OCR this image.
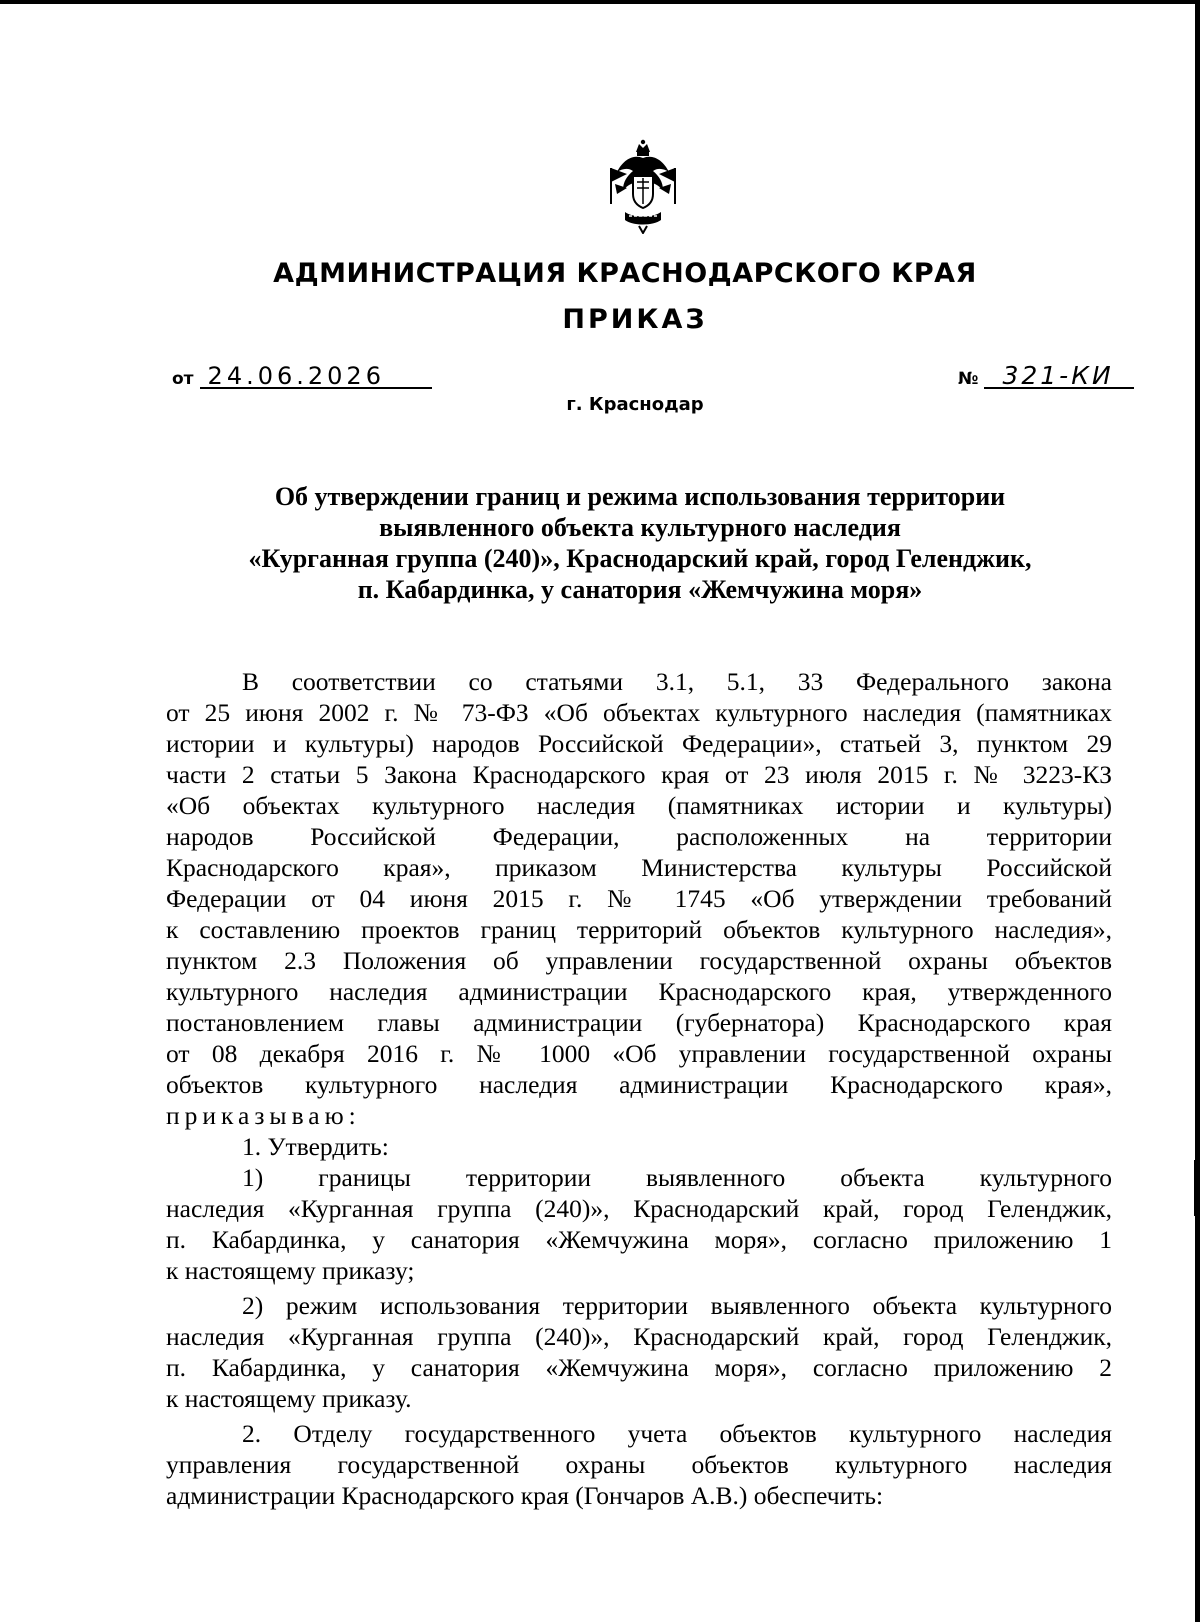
АДМИНИСТРАЦИЯ КРАСНОДАРСКОГО КРАЯ
ПРИКАЗ
от 24.06.2026	№ 321-КИ
г. Краснодар
Об утверждении границ и режима использования территории
выявленного объекта культурного наследия
«Курганная группа (240)», Краснодарский край, город Геленджик,
п. Кабардинка, у санатория «Жемчужина моря»
В соответствии со статьями 3.1, 5.1, 33 Федерального закона
от 25 июня 2002 г. № 73-ФЗ «Об объектах культурного наследия (памятниках
истории и культуры) народов Российской Федерации», статьей 3, пунктом 29
части 2 статьи 5 Закона Краснодарского края от 23 июля 2015 г. № 3223-КЗ
«Об объектах культурного наследия (памятниках истории и культуры)
народов Российской Федерации, расположенных на территории
Краснодарского края», приказом Министерства культуры Российской
Федерации от 04 июня 2015 г. № 1745 «Об утверждении требований
к составлению проектов границ территорий объектов культурного наследия»,
пунктом 2.3 Положения об управлении государственной охраны объектов
культурного наследия администрации Краснодарского края, утвержденного
постановлением главы администрации (губернатора) Краснодарского края
от 08 декабря 2016 г. № 1000 «Об управлении государственной охраны
объектов культурного наследия администрации Краснодарского края»,
приказываю:
1. Утвердить:
1) границы территории выявленного объекта культурного
наследия «Курганная группа (240)», Краснодарский край, город Геленджик,
п. Кабардинка, у санатория «Жемчужина моря», согласно приложению 1
к настоящему приказу;
2) режим использования территории выявленного объекта культурного
наследия «Курганная группа (240)», Краснодарский край, город Геленджик,
п. Кабардинка, у санатория «Жемчужина моря», согласно приложению 2
к настоящему приказу.
2. Отделу государственного учета объектов культурного наследия
управления государственной охраны объектов культурного наследия
администрации Краснодарского края (Гончаров А.В.) обеспечить:
